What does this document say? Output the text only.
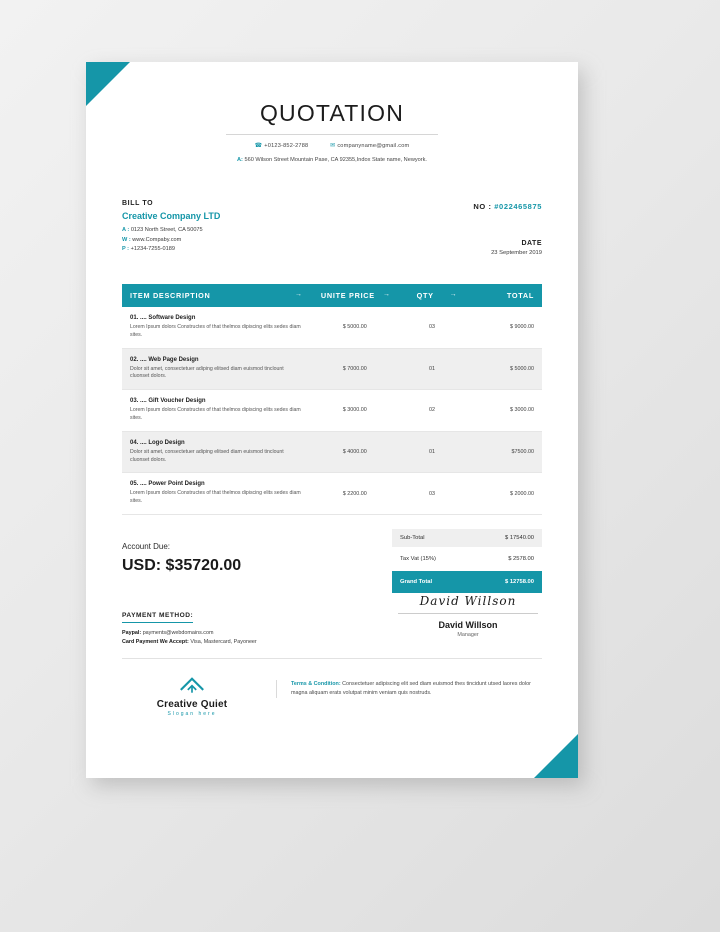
QUOTATION
☎ +0123-852-2788	✉ companyname@gmail.com
A: 560 Wilson Street Mountain Pase, CA 92355,Indox State name, Newyork.
BILL TO
Creative Company LTD
A : 0123 North Street, CA 50075
W : www.Compaby.com
P : +1234-7255-0189
NO : #022465875
DATE
23 September 2019
ITEM DESCRIPTION →	UNITE PRICE →	QTY →	TOTAL

01. .... Software Design
Lorem Ipsum dolors Constructes of that thelmos dipiscing elits sedes diam sites.	$ 5000.00	03	$ 9000.00

02. .... Web Page Design
Dolor sit amet, consectetuer adiping elitsed diam euismod tinclount cluonset dolors.	$ 7000.00	01	$ 5000.00

03. .... Gift Voucher Design
Lorem Ipsum dolors Constructes of that thelmos dipiscing elits sedes diam sites.	$ 3000.00	02	$ 3000.00

04. .... Logo Design
Dolor sit amet, consectetuer adiping elitsed diam euismod tinclount cluonset dolors.	$ 4000.00	01	$7500.00

05. .... Power Point Design
Lorem Ipsum dolors Constructes of that thelmos dipiscing elits sedes diam sites.	$ 2200.00	03	$ 2000.00
Sub-Total	$ 17540.00
Tax Vat (15%)	$ 2578.00
Grand Total	$ 12758.00
Account Due:
USD: $35720.00
PAYMENT METHOD:
Paypal: payments@webdomains.com
Card Payment We Accept: Visa, Mastercard, Payoneer
David Willson
David Willson
Manager
Creative Quiet
Slogan here
Terms & Condition: Consectetuer adipiscing elit sed diam euismod thes tincidunt utsed laores dolor magna aliquam erats volutpat minim veniam quis nostruds.
